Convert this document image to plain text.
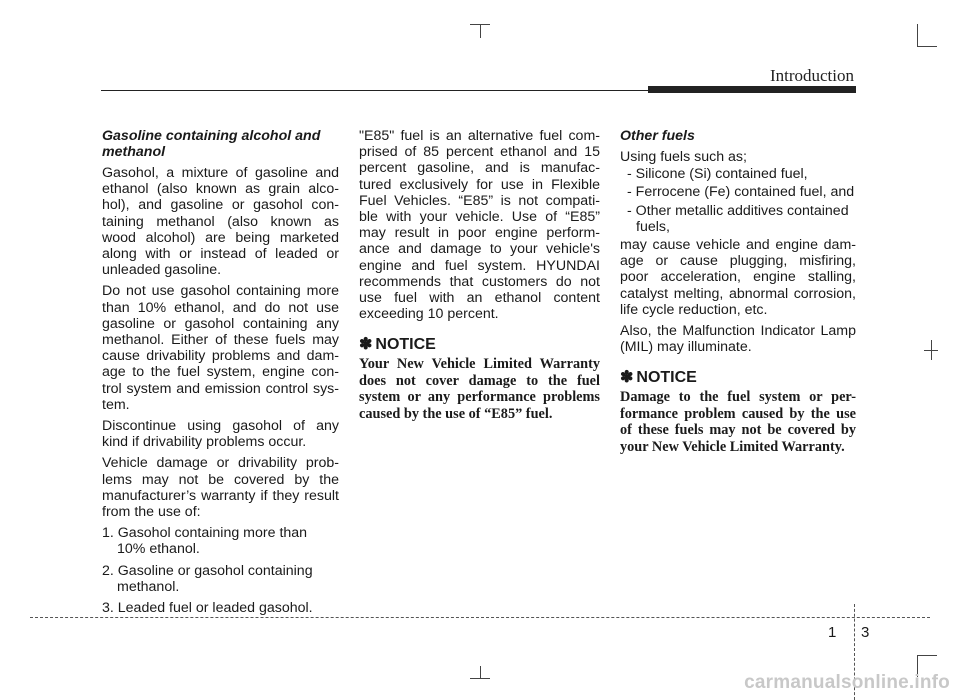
Introduction
Gasoline containing alcohol and methanol

Gasohol, a mixture of gasoline and ethanol (also known as grain alco-hol), and gasoline or gasohol con-taining methanol (also known as wood alcohol) are being marketed along with or instead of leaded or unleaded gasoline.

Do not use gasohol containing more than 10% ethanol, and do not use gasoline or gasohol containing any methanol. Either of these fuels may cause drivability problems and dam-age to the fuel system, engine con-trol system and emission control sys-tem.

Discontinue using gasohol of any kind if drivability problems occur.

Vehicle damage or drivability prob-lems may not be covered by the manufacturer’s warranty if they result from the use of:

1. Gasohol containing more than 10% ethanol.
2. Gasoline or gasohol containing methanol.
3. Leaded fuel or leaded gasohol.

"E85" fuel is an alternative fuel com-prised of 85 percent ethanol and 15 percent gasoline, and is manufac-tured exclusively for use in Flexible Fuel Vehicles. “E85” is not compati-ble with your vehicle. Use of “E85” may result in poor engine perform-ance and damage to your vehicle's engine and fuel system. HYUNDAI recommends that customers do not use fuel with an ethanol content exceeding 10 percent.

✽ NOTICE
Your New Vehicle Limited Warranty does not cover damage to the fuel system or any performance problems caused by the use of “E85” fuel.
Other fuels

Using fuels such as;

- Silicone (Si) contained fuel,
- Ferrocene (Fe) contained fuel, and
- Other metallic additives contained fuels,

may cause vehicle and engine dam-age or cause plugging, misfiring, poor acceleration, engine stalling, catalyst melting, abnormal corrosion, life cycle reduction, etc.

Also, the Malfunction Indicator Lamp (MIL) may illuminate.

✽ NOTICE
Damage to the fuel system or per-formance problem caused by the use of these fuels may not be covered by your New Vehicle Limited Warranty.
1 3
carmanualsonline.info
